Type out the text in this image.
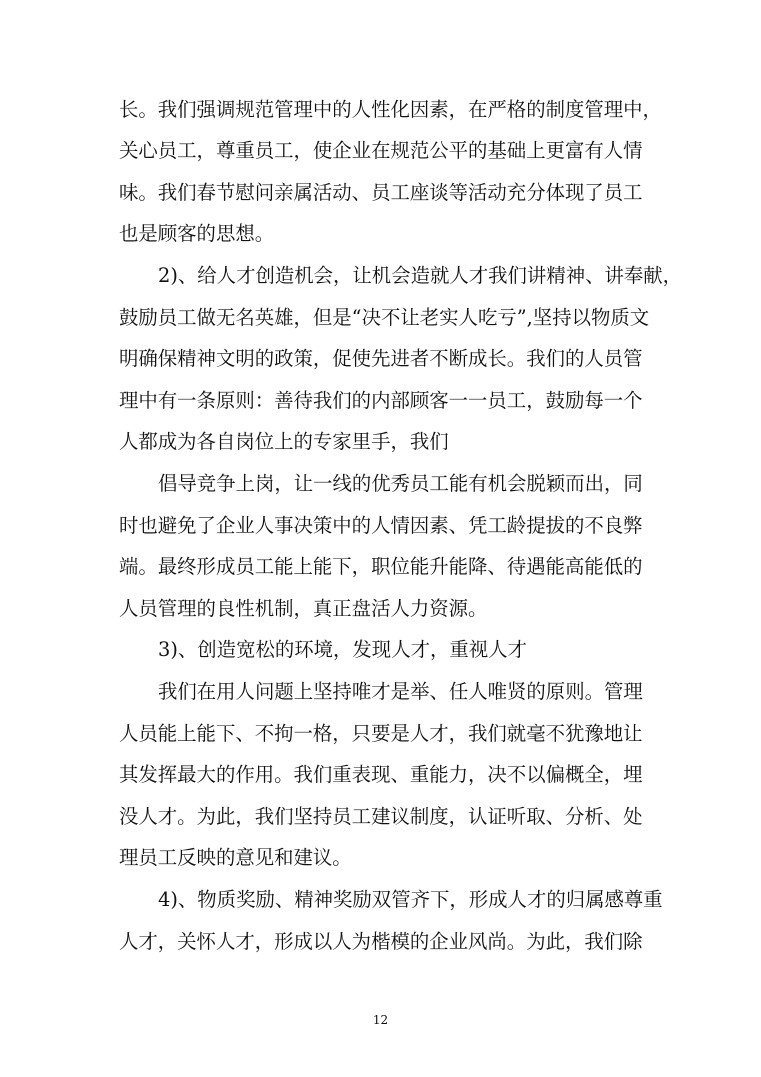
长。我们强调规范管理中的人性化因素，在严格的制度管理中，
关心员工，尊重员工，使企业在规范公平的基础上更富有人情
味。我们春节慰问亲属活动、员工座谈等活动充分体现了员工
也是顾客的思想。
2)、给人才创造机会，让机会造就人才我们讲精神、讲奉献，
鼓励员工做无名英雄，但是“决不让老实人吃亏”,坚持以物质文
明确保精神文明的政策，促使先进者不断成长。我们的人员管
理中有一条原则：善待我们的内部顾客一一员工，鼓励每一个
人都成为各自岗位上的专家里手，我们
倡导竞争上岗，让一线的优秀员工能有机会脱颖而出，同
时也避免了企业人事决策中的人情因素、凭工龄提拔的不良弊
端。最终形成员工能上能下，职位能升能降、待遇能高能低的
人员管理的良性机制，真正盘活人力资源。
3)、创造宽松的环境，发现人才，重视人才
我们在用人问题上坚持唯才是举、任人唯贤的原则。管理
人员能上能下、不拘一格，只要是人才，我们就毫不犹豫地让
其发挥最大的作用。我们重表现、重能力，决不以偏概全，埋
没人才。为此，我们坚持员工建议制度，认证听取、分析、处
理员工反映的意见和建议。
4)、物质奖励、精神奖励双管齐下，形成人才的归属感尊重
人才，关怀人才，形成以人为楷模的企业风尚。为此，我们除
12
